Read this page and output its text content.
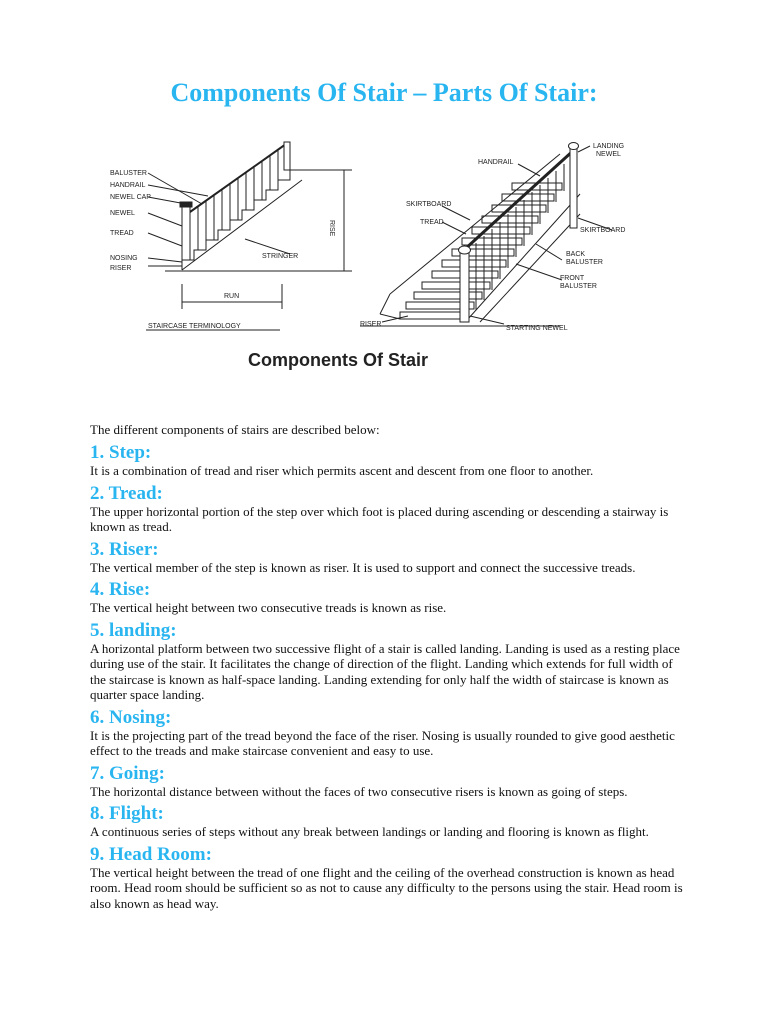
Components Of Stair – Parts Of Stair:
BALUSTER
HANDRAIL
NEWEL CAP
NEWEL
TREAD
NOSING
RISER
STRINGER
RUN
RISE
STAIRCASE TERMINOLOGY
HANDRAIL
LANDING
NEWEL
SKIRTBOARD
TREAD
SKIRTBOARD
BACK
BALUSTER
FRONT
BALUSTER
RISER
STARTING NEWEL
Components Of Stair

The different components of stairs are described below:

1. Step:

It is a combination of tread and riser which permits ascent and descent from one floor to another.

2. Tread:

The upper horizontal portion of the step over which foot is placed during ascending or descending a stairway is known as tread.

3. Riser:

The vertical member of the step is known as riser. It is used to support and connect the successive treads.

4. Rise:

The vertical height between two consecutive treads is known as rise.

5. landing:

A horizontal platform between two successive flight of a stair is called landing. Landing is used as a resting place during use of the stair. It facilitates the change of direction of the flight. Landing which extends for full width of the staircase is known as half-space landing. Landing extending for only half the width of staircase is known as quarter space landing.

6. Nosing:

It is the projecting part of the tread beyond the face of the riser. Nosing is usually rounded to give good aesthetic effect to the treads and make staircase convenient and easy to use.

7. Going:

The horizontal distance between without the faces of two consecutive risers is known as going of steps.

8. Flight:

A continuous series of steps without any break between landings or landing and flooring is known as flight.

9. Head Room:

The vertical height between the tread of one flight and the ceiling of the overhead construction is known as head room. Head room should be sufficient so as not to cause any difficulty to the persons using the stair. Head room is also known as head way.
